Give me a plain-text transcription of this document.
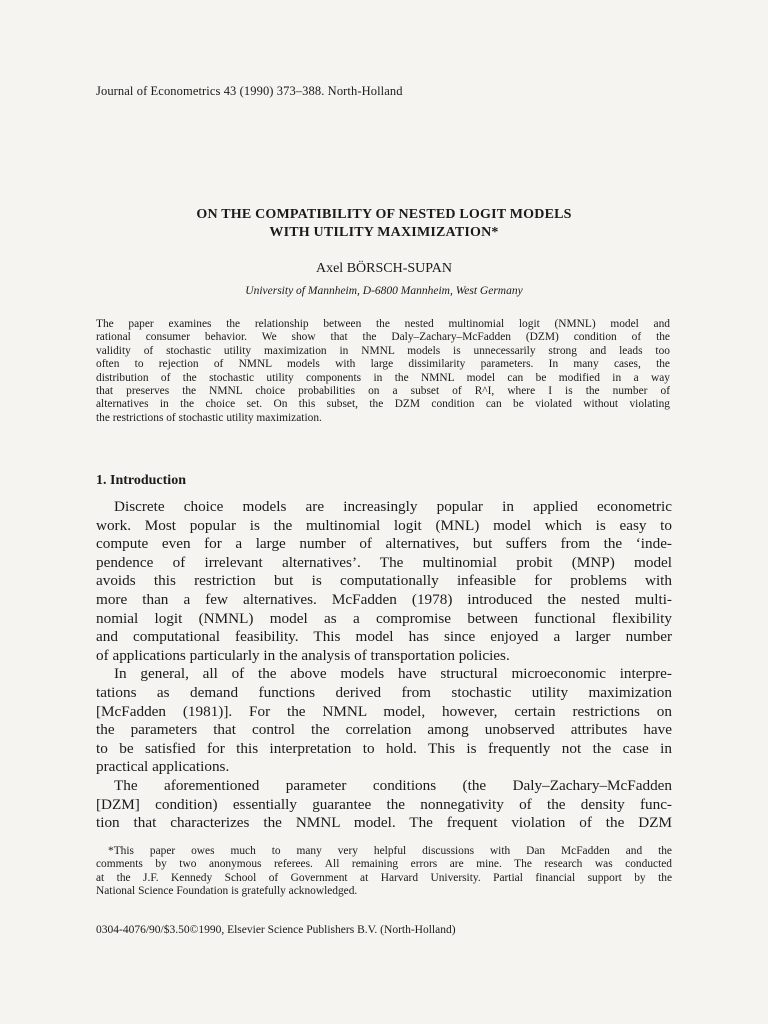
Journal of Econometrics 43 (1990) 373–388. North-Holland
ON THE COMPATIBILITY OF NESTED LOGIT MODELS
WITH UTILITY MAXIMIZATION*
Axel BÖRSCH-SUPAN
University of Mannheim, D-6800 Mannheim, West Germany
The paper examines the relationship between the nested multinomial logit (NMNL) model and
rational consumer behavior. We show that the Daly–Zachary–McFadden (DZM) condition of the
validity of stochastic utility maximization in NMNL models is unnecessarily strong and leads too
often to rejection of NMNL models with large dissimilarity parameters. In many cases, the
distribution of the stochastic utility components in the NMNL model can be modified in a way
that preserves the NMNL choice probabilities on a subset of R^I, where I is the number of
alternatives in the choice set. On this subset, the DZM condition can be violated without violating
the restrictions of stochastic utility maximization.
1. Introduction
Discrete choice models are increasingly popular in applied econometric
work. Most popular is the multinomial logit (MNL) model which is easy to
compute even for a large number of alternatives, but suffers from the ‘inde-
pendence of irrelevant alternatives’. The multinomial probit (MNP) model
avoids this restriction but is computationally infeasible for problems with
more than a few alternatives. McFadden (1978) introduced the nested multi-
nomial logit (NMNL) model as a compromise between functional flexibility
and computational feasibility. This model has since enjoyed a larger number
of applications particularly in the analysis of transportation policies.
In general, all of the above models have structural microeconomic interpre-
tations as demand functions derived from stochastic utility maximization
[McFadden (1981)]. For the NMNL model, however, certain restrictions on
the parameters that control the correlation among unobserved attributes have
to be satisfied for this interpretation to hold. This is frequently not the case in
practical applications.
The aforementioned parameter conditions (the Daly–Zachary–McFadden
[DZM] condition) essentially guarantee the nonnegativity of the density func-
tion that characterizes the NMNL model. The frequent violation of the DZM
*This paper owes much to many very helpful discussions with Dan McFadden and the
comments by two anonymous referees. All remaining errors are mine. The research was conducted
at the J.F. Kennedy School of Government at Harvard University. Partial financial support by the
National Science Foundation is gratefully acknowledged.
0304-4076/90/$3.50©1990, Elsevier Science Publishers B.V. (North-Holland)
